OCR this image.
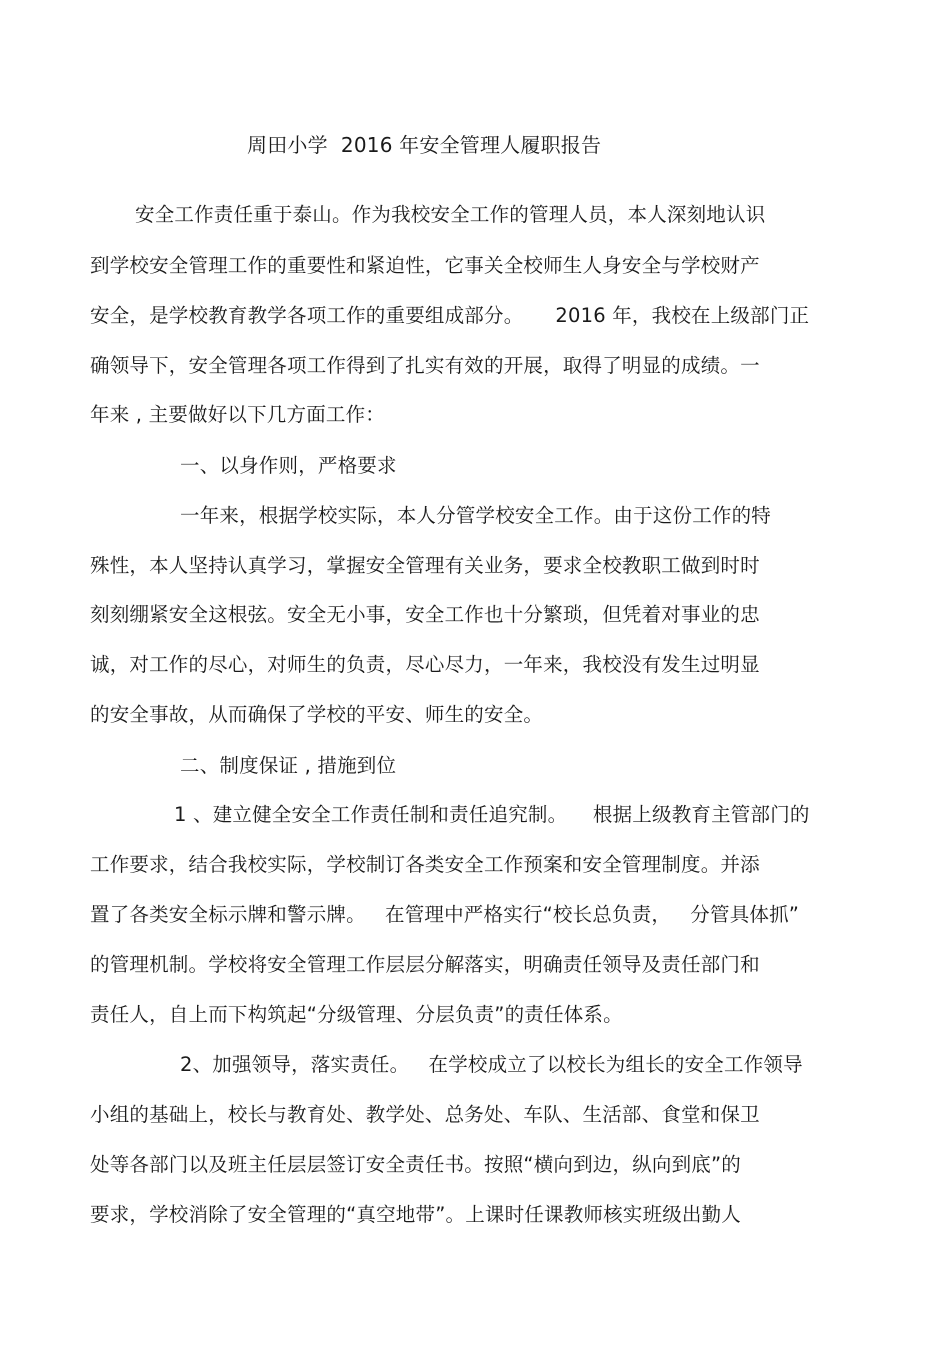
周田小学  2016 年安全管理人履职报告
安全工作责任重于泰山。作为我校安全工作的管理人员，本人深刻地认识
到学校安全管理工作的重要性和紧迫性，它事关全校师生人身安全与学校财产
安全，是学校教育教学各项工作的重要组成部分。     2016 年，我校在上级部门正
确领导下，安全管理各项工作得到了扎实有效的开展，取得了明显的成绩。一
年来 , 主要做好以下几方面工作：
一、以身作则，严格要求
一年来，根据学校实际，本人分管学校安全工作。由于这份工作的特
殊性，本人坚持认真学习，掌握安全管理有关业务，要求全校教职工做到时时
刻刻绷紧安全这根弦。安全无小事，安全工作也十分繁琐，但凭着对事业的忠
诚，对工作的尽心，对师生的负责，尽心尽力，一年来，我校没有发生过明显
的安全事故，从而确保了学校的平安、师生的安全。
二、制度保证 , 措施到位
1 、建立健全安全工作责任制和责任追究制。    根据上级教育主管部门的
工作要求，结合我校实际，学校制订各类安全工作预案和安全管理制度。并添
置了各类安全标示牌和警示牌。   在管理中严格实行“校长总负责，   分管具体抓”
的管理机制。学校将安全管理工作层层分解落实，明确责任领导及责任部门和
责任人，自上而下构筑起“分级管理、分层负责”的责任体系。
2、加强领导，落实责任。   在学校成立了以校长为组长的安全工作领导
小组的基础上，校长与教育处、教学处、总务处、车队、生活部、食堂和保卫
处等各部门以及班主任层层签订安全责任书。按照“横向到边，纵向到底”的
要求，学校消除了安全管理的“真空地带”。上课时任课教师核实班级出勤人
